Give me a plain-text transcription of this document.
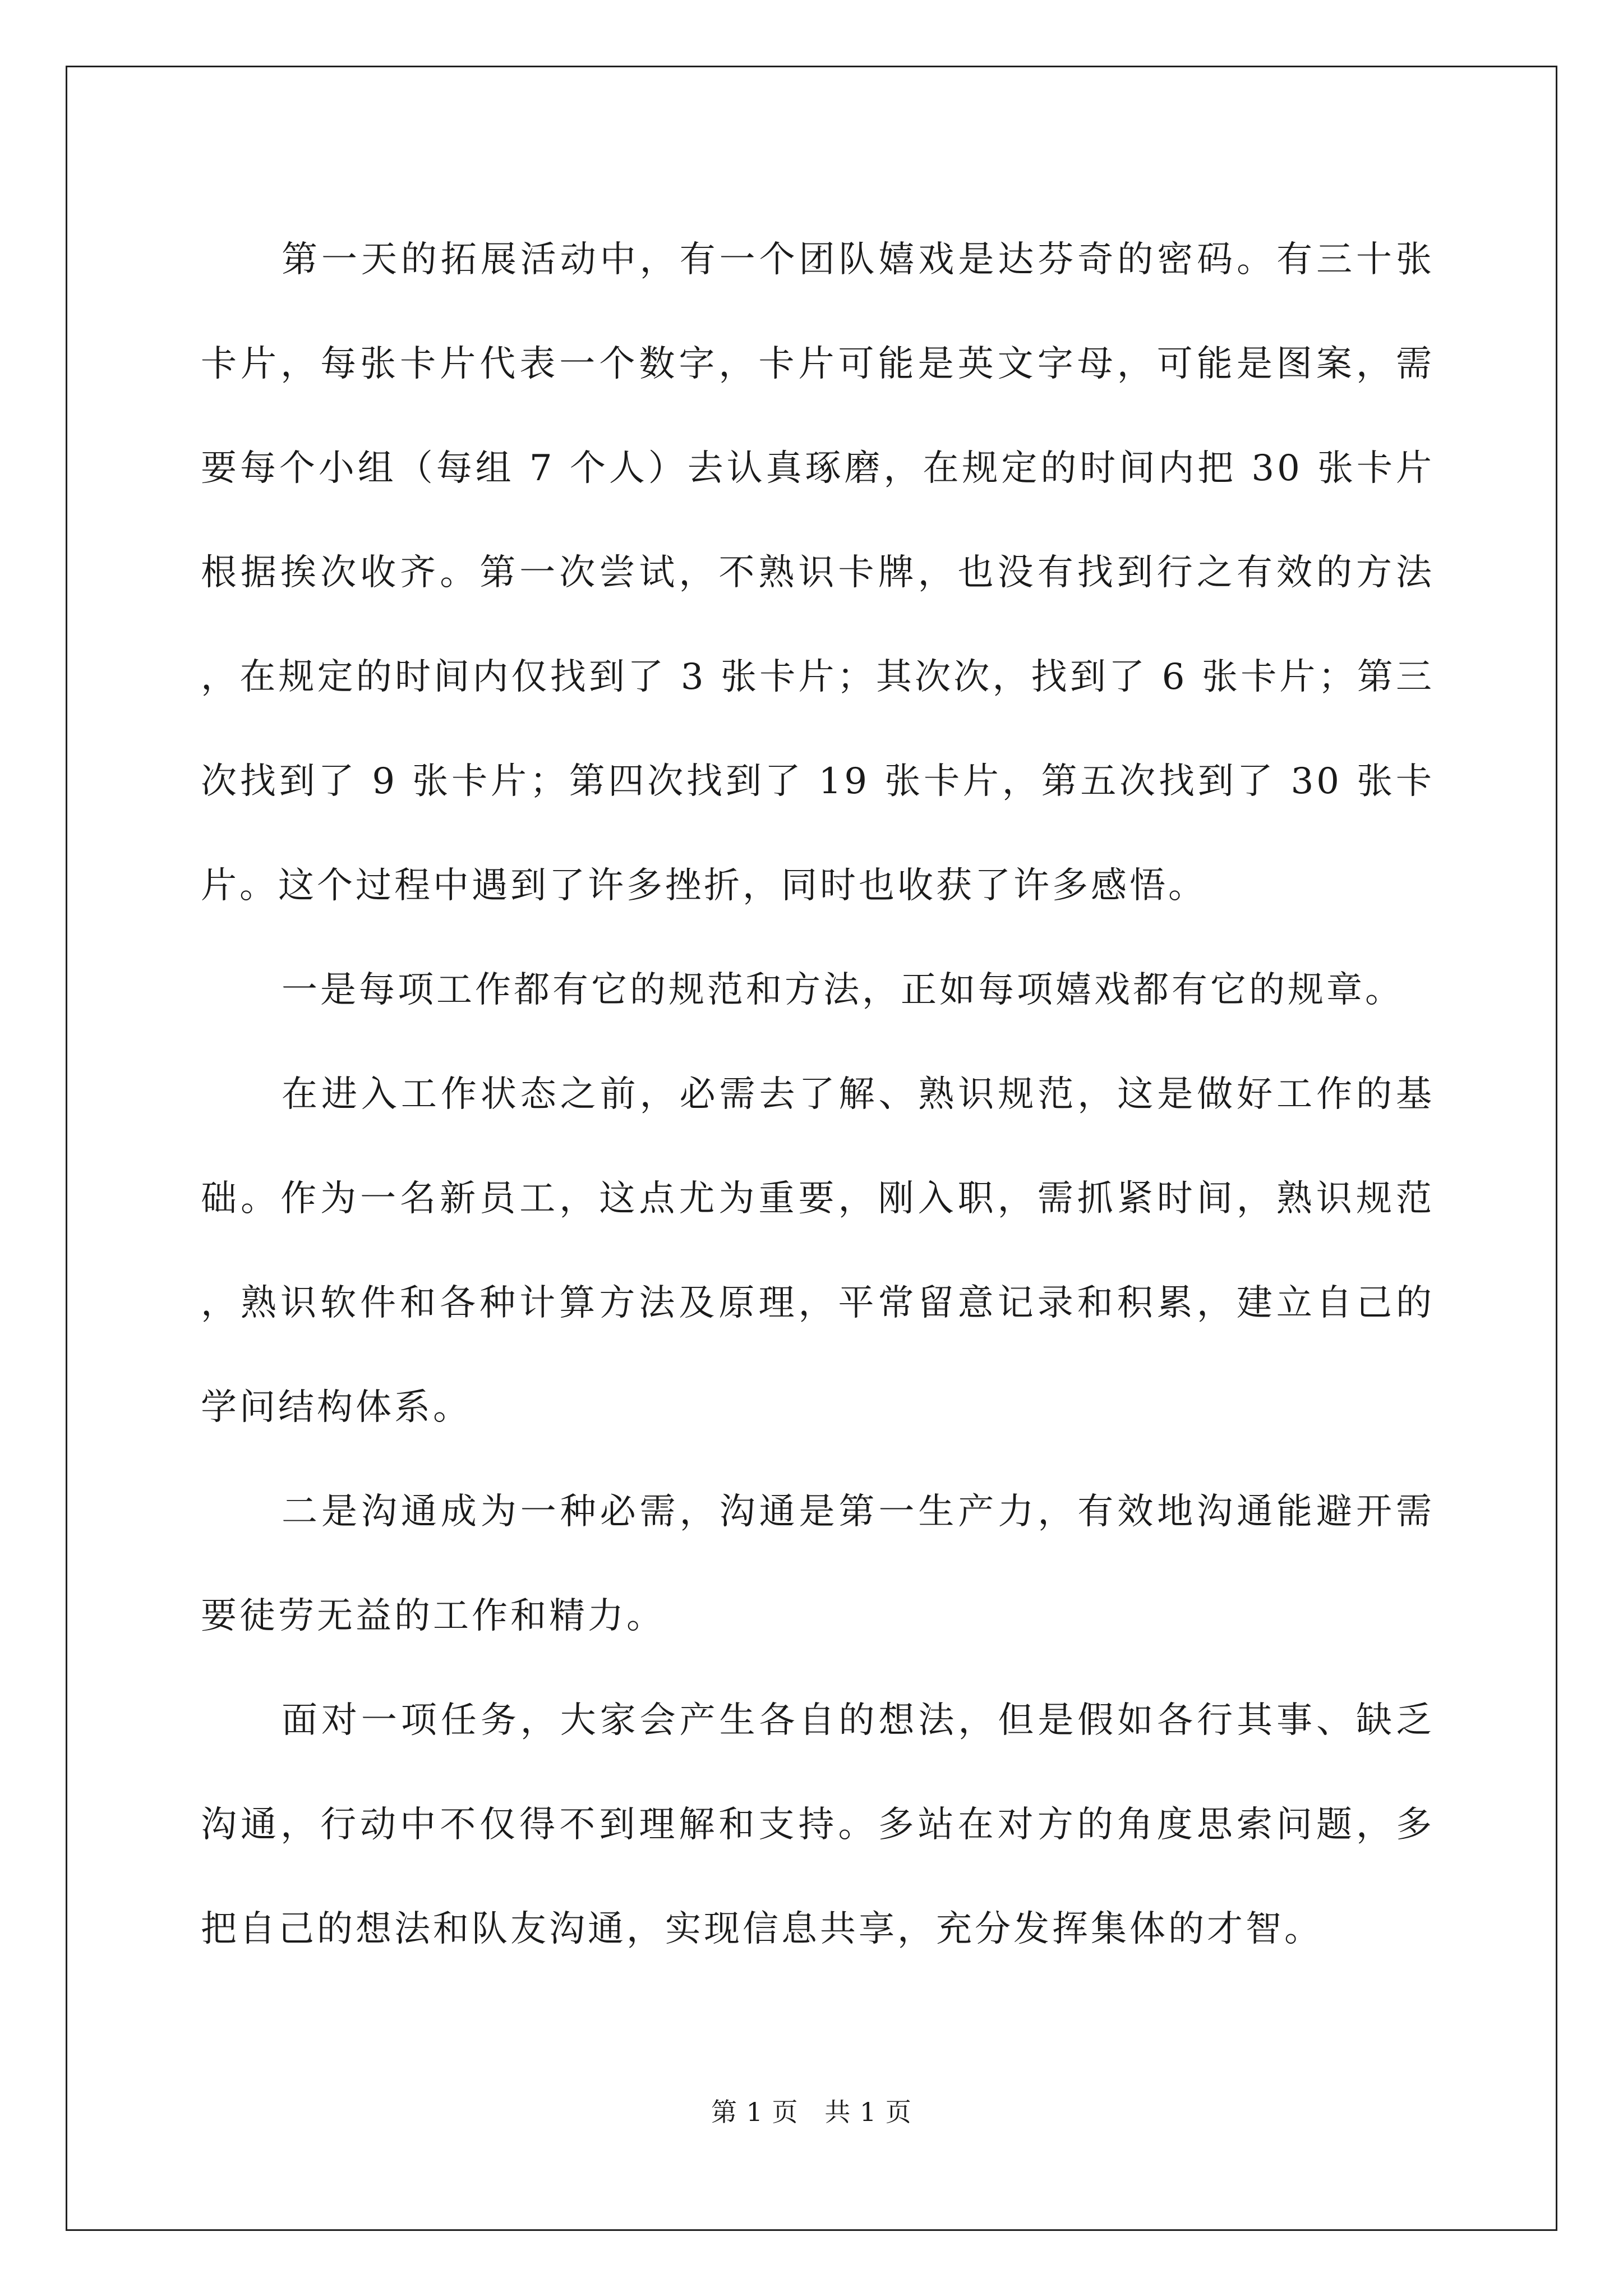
第一天的拓展活动中，有一个团队嬉戏是达芬奇的密码。有三十张卡片，每张卡片代表一个数字，卡片可能是英文字母，可能是图案，需要每个小组（每组 7 个人）去认真琢磨，在规定的时间内把 30 张卡片根据挨次收齐。第一次尝试，不熟识卡牌，也没有找到行之有效的方法，在规定的时间内仅找到了 3 张卡片；其次次，找到了 6 张卡片；第三次找到了 9 张卡片；第四次找到了 19 张卡片，第五次找到了 30 张卡片。这个过程中遇到了许多挫折，同时也收获了许多感悟。

一是每项工作都有它的规范和方法，正如每项嬉戏都有它的规章。

在进入工作状态之前，必需去了解、熟识规范，这是做好工作的基础。作为一名新员工，这点尤为重要，刚入职，需抓紧时间，熟识规范，熟识软件和各种计算方法及原理，平常留意记录和积累，建立自己的学问结构体系。

二是沟通成为一种必需，沟通是第一生产力，有效地沟通能避开需要徒劳无益的工作和精力。

面对一项任务，大家会产生各自的想法，但是假如各行其事、缺乏沟通，行动中不仅得不到理解和支持。多站在对方的角度思索问题，多把自己的想法和队友沟通，实现信息共享，充分发挥集体的才智。

第 1 页   共 1 页
